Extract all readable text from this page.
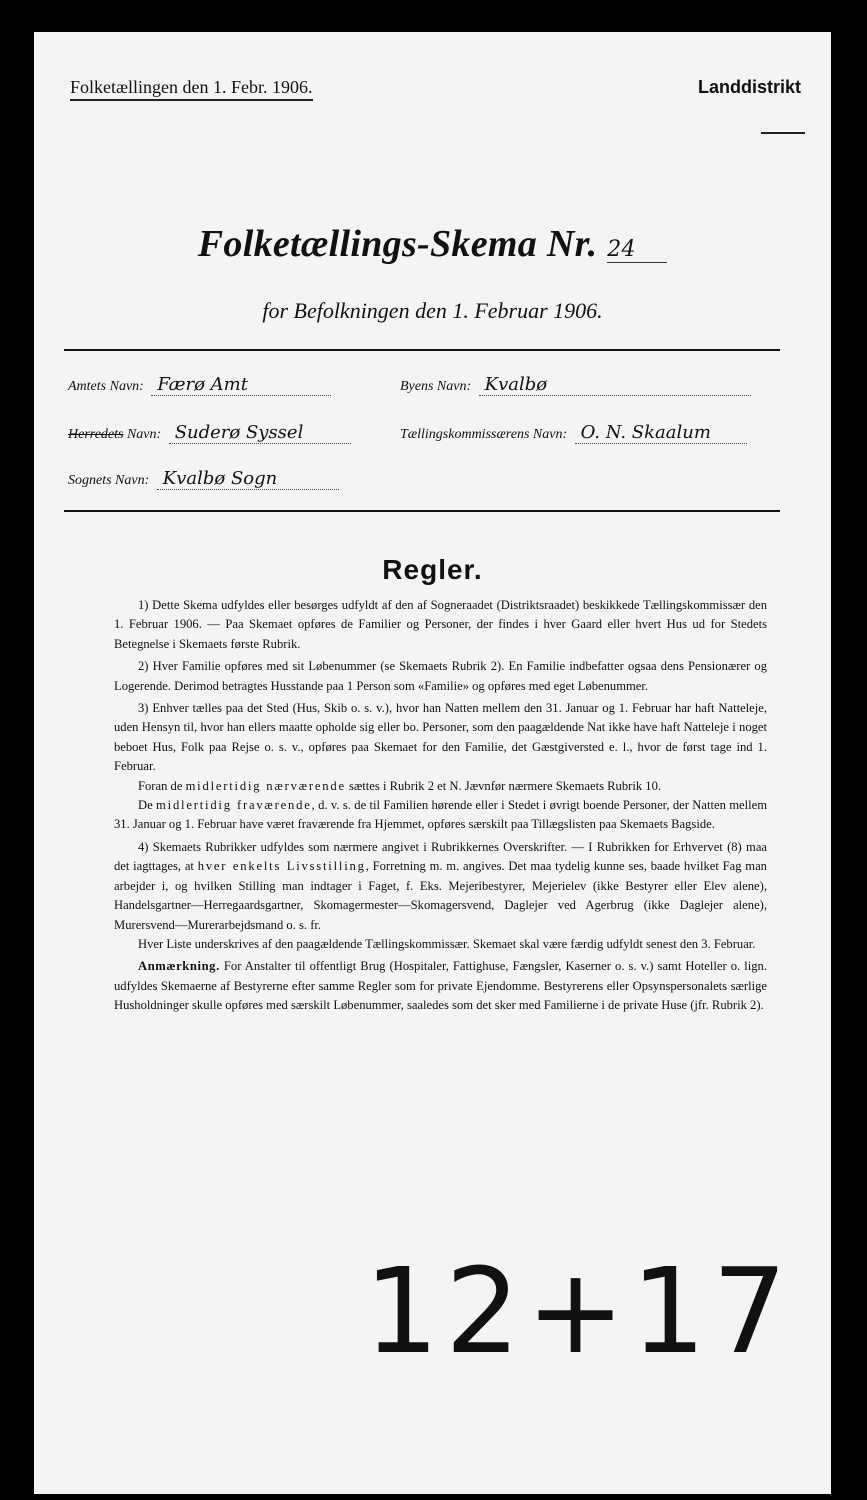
Folketællingen den 1. Febr. 1906.	Landdistrikt
Folketællings-Skema Nr. 24
for Befolkningen den 1. Februar 1906.
Amtets Navn: Færø Amt	Byens Navn: Kvalbø
Herredets Navn: Suderø Syssel	Tællingskommissærens Navn: O. N. Skaalum
Sognets Navn: Kvalbø Sogn
Regler.

1) Dette Skema udfyldes eller besørges udfyldt af den af Sogneraadet (Distriktsraadet) beskikkede Tællingskommissær den 1. Februar 1906. — Paa Skemaet opføres de Familier og Personer, der findes i hver Gaard eller hvert Hus ud for Stedets Betegnelse i Skemaets første Rubrik.

2) Hver Familie opføres med sit Løbenummer (se Skemaets Rubrik 2). En Familie indbefatter ogsaa dens Pensionærer og Logerende. Derimod betragtes Husstande paa 1 Person som «Familie» og opføres med eget Løbenummer.

3) Enhver tælles paa det Sted (Hus, Skib o. s. v.), hvor han Natten mellem den 31. Januar og 1. Februar har haft Natteleje, uden Hensyn til, hvor han ellers maatte opholde sig eller bo. Personer, som den paagældende Nat ikke have haft Natteleje i noget beboet Hus, Folk paa Rejse o. s. v., opføres paa Skemaet for den Familie, det Gæstgiversted e. l., hvor de først tage ind 1. Februar.

Foran de midlertidig nærværende sættes i Rubrik 2 et N. Jævnfør nærmere Skemaets Rubrik 10.

De midlertidig fraværende, d. v. s. de til Familien hørende eller i Stedet i øvrigt boende Personer, der Natten mellem 31. Januar og 1. Februar have været fraværende fra Hjemmet, opføres særskilt paa Tillægslisten paa Skemaets Bagside.

4) Skemaets Rubrikker udfyldes som nærmere angivet i Rubrikkernes Overskrifter. — I Rubrikken for Erhvervet (8) maa det iagttages, at hver enkelts Livsstilling, Forretning m. m. angives. Det maa tydelig kunne ses, baade hvilket Fag man arbejder i, og hvilken Stilling man indtager i Faget, f. Eks. Mejeribestyrer, Mejerielev (ikke Bestyrer eller Elev alene), Handelsgartner—Herregaardsgartner, Skomagermester—Skomagersvend, Daglejer ved Agerbrug (ikke Daglejer alene), Murersvend—Murerarbejdsmand o. s. fr.

Hver Liste underskrives af den paagældende Tællingskommissær. Skemaet skal være færdig udfyldt senest den 3. Februar.

Anmærkning. For Anstalter til offentligt Brug (Hospitaler, Fattighuse, Fængsler, Kaserner o. s. v.) samt Hoteller o. lign. udfyldes Skemaerne af Bestyrerne efter samme Regler som for private Ejendomme. Bestyrerens eller Opsynspersonalets særlige Husholdninger skulle opføres med særskilt Løbenummer, saaledes som det sker med Familierne i de private Huse (jfr. Rubrik 2).

12+17
